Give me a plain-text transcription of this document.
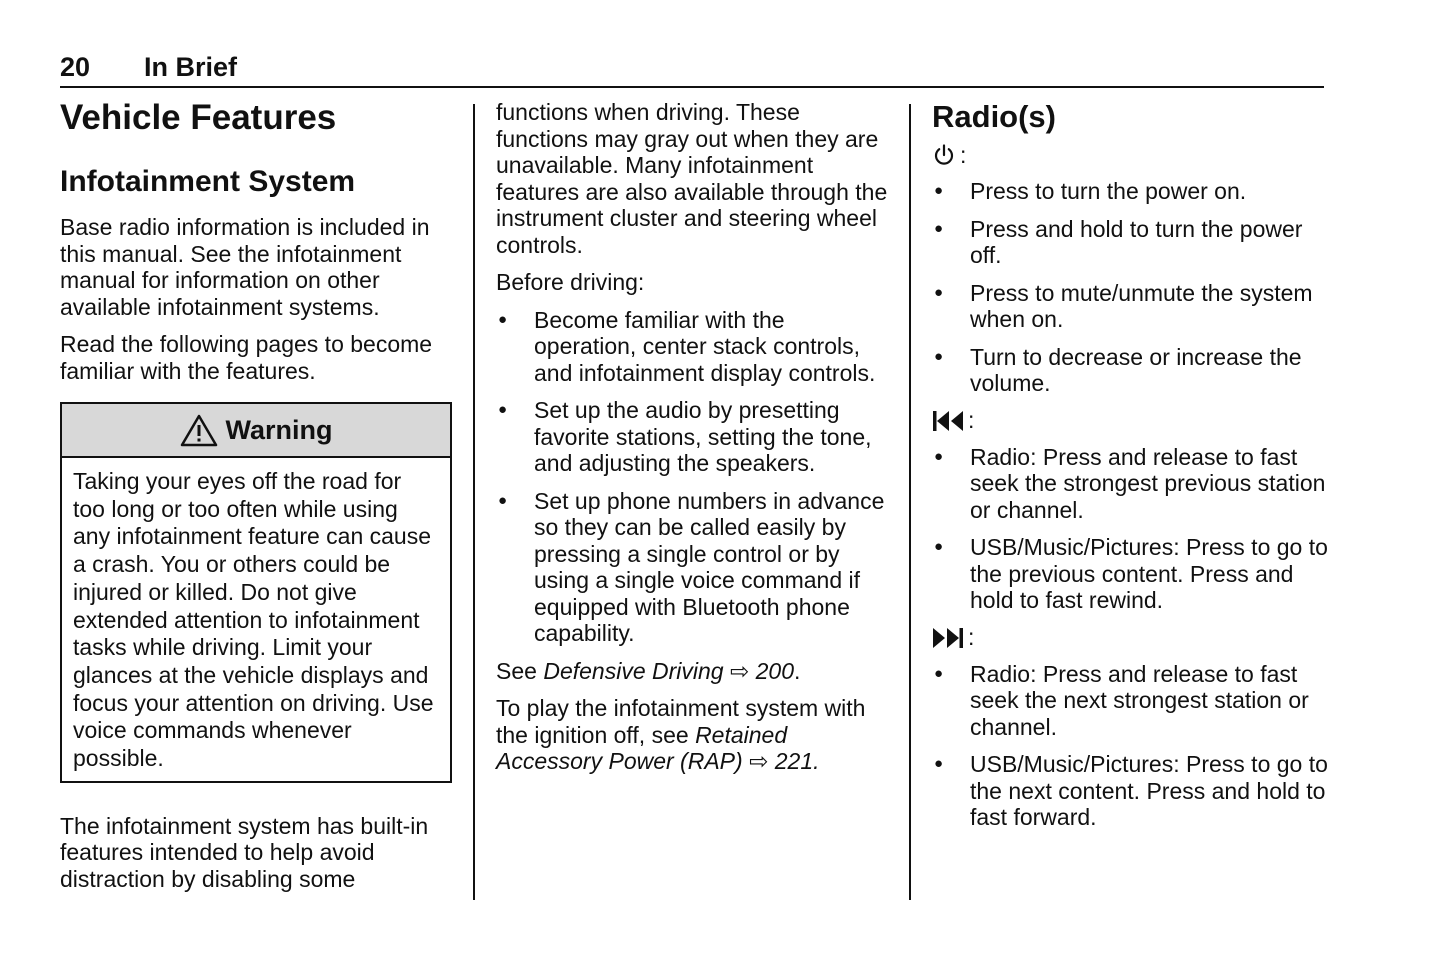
20 In Brief
Vehicle Features
Infotainment System

Base radio information is included in this manual. See the infotainment manual for information on other available infotainment systems.

Read the following pages to become familiar with the features.

Warning
Taking your eyes off the road for too long or too often while using any infotainment feature can cause a crash. You or others could be injured or killed. Do not give extended attention to infotainment tasks while driving. Limit your glances at the vehicle displays and focus your attention on driving. Use voice commands whenever possible.

The infotainment system has built-in features intended to help avoid distraction by disabling some

functions when driving. These functions may gray out when they are unavailable. Many infotainment features are also available through the instrument cluster and steering wheel controls.

Before driving:

● Become familiar with the operation, center stack controls, and infotainment display controls.
● Set up the audio by presetting favorite stations, setting the tone, and adjusting the speakers.
● Set up phone numbers in advance so they can be called easily by pressing a single control or by using a single voice command if equipped with Bluetooth phone capability.

See Defensive Driving ⇨ 200.

To play the infotainment system with the ignition off, see Retained Accessory Power (RAP) ⇨ 221.

Radio(s)
:
● Press to turn the power on.
● Press and hold to turn the power off.
● Press to mute/unmute the system when on.
● Turn to decrease or increase the volume.
:
● Radio: Press and release to fast seek the strongest previous station or channel.
● USB/Music/Pictures: Press to go to the previous content. Press and hold to fast rewind.
:
● Radio: Press and release to fast seek the next strongest station or channel.
● USB/Music/Pictures: Press to go to the next content. Press and hold to fast forward.
